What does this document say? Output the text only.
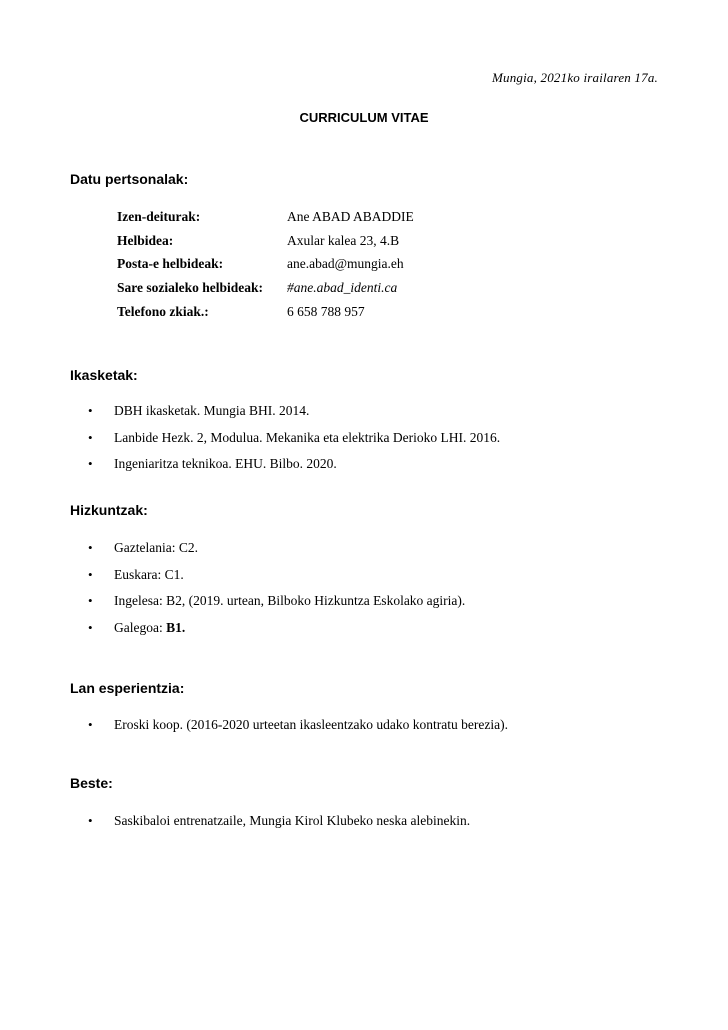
Mungia, 2021ko irailaren 17a.
CURRICULUM VITAE
Datu pertsonalak:
Izen-deiturak:	Ane ABAD ABADDIE
Helbidea:	Axular kalea 23, 4.B
Posta-e helbideak:	ane.abad@mungia.eh
Sare sozialeko helbideak:	#ane.abad_identi.ca
Telefono zkiak.:	6 658 788 957
Ikasketak:
• DBH ikasketak. Mungia BHI. 2014.
• Lanbide Hezk. 2, Modulua. Mekanika eta elektrika Derioko LHI. 2016.
• Ingeniaritza teknikoa. EHU. Bilbo. 2020.
Hizkuntzak:
• Gaztelania: C2.
• Euskara: C1.
• Ingelesa: B2, (2019. urtean, Bilboko Hizkuntza Eskolako agiria).
• Galegoa: B1.
Lan esperientzia:
• Eroski koop. (2016-2020 urteetan ikasleentzako udako kontratu berezia).
Beste:
• Saskibaloi entrenatzaile, Mungia Kirol Klubeko neska alebinekin.
